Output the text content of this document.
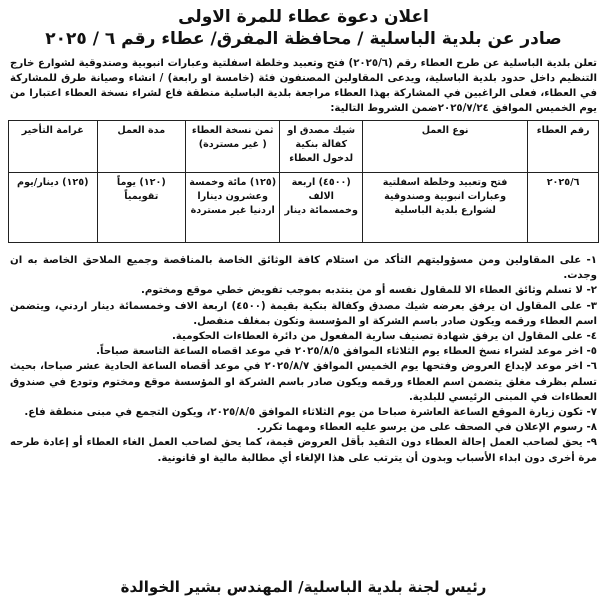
اعلان دعوة عطاء للمرة الاولى
صادر عن بلدية الباسلية / محافظة المفرق/ عطاء رقم ٦ / ٢٠٢٥

تعلن بلدية الباسلية عن طرح العطاء رقم (٢٠٢٥/٦) فتح وتعبيد وخلطة اسفلتية وعبارات انبوبية وصندوقية لشوارع خارج التنظيم داخل حدود بلدية الباسلية، ويدعى المقاولين المصنفون فئة (خامسة او رابعة) / انشاء وصيانة طرق للمشاركة في العطاء، فعلى الراغبين في المشاركة بهذا العطاء مراجعة بلدية الباسلية منطقة فاع لشراء نسخة العطاء اعتبارا من يوم الخميس الموافق ٢٠٢٥/٧/٢٤ضمن الشروط التالية:

رقم العطاء	نوع العمل	شيك مصدق او كفالة بنكية لدخول العطاء	ثمن نسخة العطاء ( غير مستردة)	مدة العمل	غرامة التأخير
٢٠٢٥/٦	فتح وتعبيد وخلطة اسفلتية وعبارات انبوبية وصندوقية لشوارع بلدية الباسلية	(٤٥٠٠) اربعة الالف وخمسمائة دينار	(١٢٥) مائة وخمسة وعشرون دينارا اردنيا غير مستردة	(١٢٠) يوماً تقويمياً	(١٢٥) دينار/يوم
١- على المقاولين ومن مسؤوليتهم التأكد من استلام كافة الوثائق الخاصة بالمناقصة وجميع الملاحق الخاصة به ان وجدت.
٢- لا تسلم وثائق العطاء الا للمقاول نفسه أو من ينتدبه بموجب تفويض خطي موقع ومختوم.
٣- على المقاول ان يرفق بعرضه شيك مصدق وكفالة بنكية بقيمة (٤٥٠٠) اربعة الاف وخمسمائة دينار اردني، ويتضمن اسم العطاء ورقمه ويكون صادر باسم الشركة او المؤسسة وتكون بمغلف منفصل.
٤- على المقاول ان يرفق شهادة تصنيف سارية المفعول من دائرة العطاءات الحكومية.
٥- اخر موعد لشراء نسخ العطاء يوم الثلاثاء الموافق ٢٠٢٥/٨/٥ في موعد اقصاه الساعة التاسعة صباحاً.
٦- اخر موعد لإيداع العروض وفتحها يوم الخميس الموافق ٢٠٢٥/٨/٧ في موعد أقصاه الساعة الحادية عشر صباحا، بحيث تسلم بظرف مغلق يتضمن اسم العطاء ورقمه ويكون صادر باسم الشركة او المؤسسة موقع ومختوم وتودع في صندوق العطاءات في المبنى الرئيسي للبلدية.
٧- تكون زيارة الموقع الساعة العاشرة صباحا من يوم الثلاثاء الموافق ٢٠٢٥/٨/٥، ويكون التجمع في مبنى منطقة فاع.
٨- رسوم الإعلان في الصحف على من يرسو عليه العطاء ومهما تكرر.
٩- يحق لصاحب العمل إحالة العطاء دون التقيد بأقل العروض قيمة، كما يحق لصاحب العمل الغاء العطاء أو إعادة طرحه مرة أخرى دون ابداء الأسباب وبدون أن يترتب على هذا الإلغاء أي مطالبة مالية او قانونية.
رئيس لجنة بلدية الباسلية/ المهندس بشير الخوالدة
